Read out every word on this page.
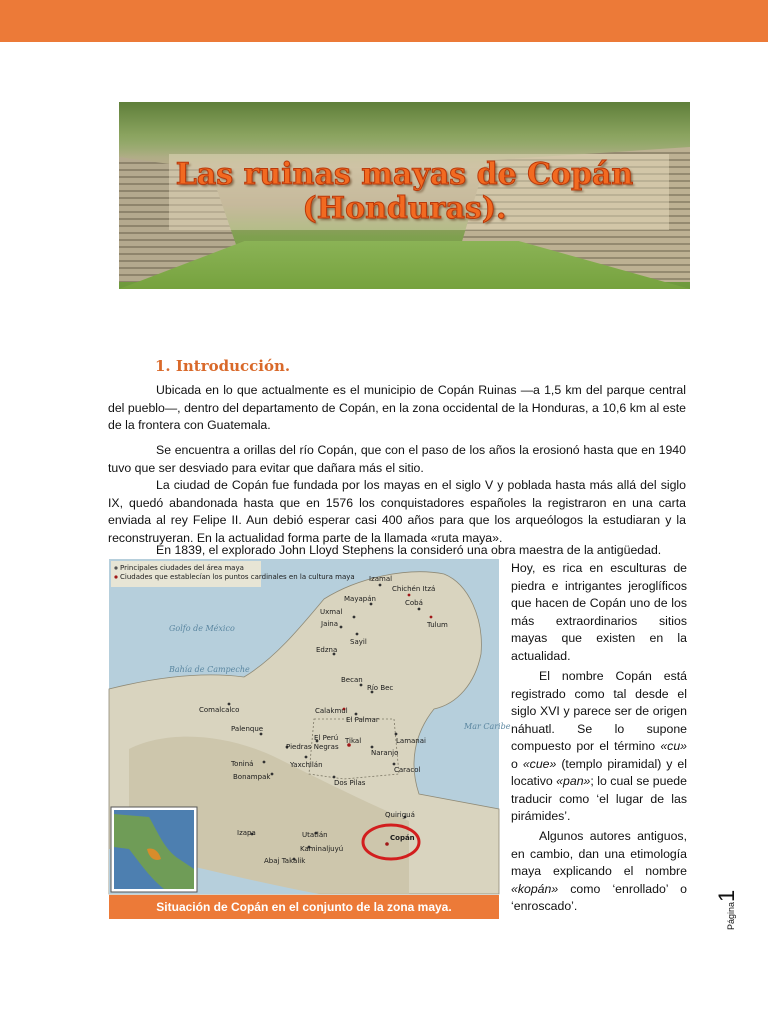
Las ruinas mayas de Copán
(Honduras).
1. Introducción.

Ubicada en lo que actualmente es el municipio de Copán Ruinas —a 1,5 km del parque central del pueblo—, dentro del departamento de Copán, en la zona occidental de la Honduras, a 10,6 km al este de la frontera con Guatemala.

Se encuentra a orillas del río Copán, que con el paso de los años la erosionó hasta que en 1940 tuvo que ser desviado para evitar que dañara más el sitio.

La ciudad de Copán fue fundada por los mayas en el siglo V y poblada hasta más allá del siglo IX, quedó abandonada hasta que en 1576 los conquistadores españoles la registraron en una carta enviada al rey Felipe II. Aun debió esperar casi 400 años para que los arqueólogos la estudiaran y la reconstruyeran. En la actualidad forma parte de la llamada «ruta maya».

En 1839, el explorado John Lloyd Stephens la consideró una obra maestra de la antigüedad.

Hoy, es rica en esculturas de piedra e intrigantes jeroglíficos que hacen de Copán uno de los más extraordinarios sitios mayas que existen en la actualidad.

El nombre Copán está registrado como tal desde el siglo XVI y parece ser de origen náhuatl. Se lo supone compuesto por el término «cu» o «cue» (templo piramidal) y el locativo «pan»; lo cual se puede traducir como ‘el lugar de las pirámides’.

Algunos autores antiguos, en cambio, dan una etimología maya explicando el nombre «kopán» como ‘enrollado’ o ‘enroscado’.

Principales ciudades del área maya
Ciudades que establecían los puntos cardinales en la cultura maya
Golfo de México
Bahía de Campeche
Mar Caribe
Izamal
Mayapán
Chichén Itzá
Cobá
Uxmal
Tulum
Jaina
Sayil
Edzna
Becan
Río Bec
Calakmul
El Palmar
Comalcalco
Palenque
El Perú Tikal
Naranjo
Lamanai
Piedras Negras
Yaxchilán
Toniná
Bonampak
Dos Pilas
Caracol
Quiriguá
Copán
Izapa	Utatlán
Kaminaljuyú
Abaj Takalik
Situación de Copán en el conjunto de la zona maya.	Página1
